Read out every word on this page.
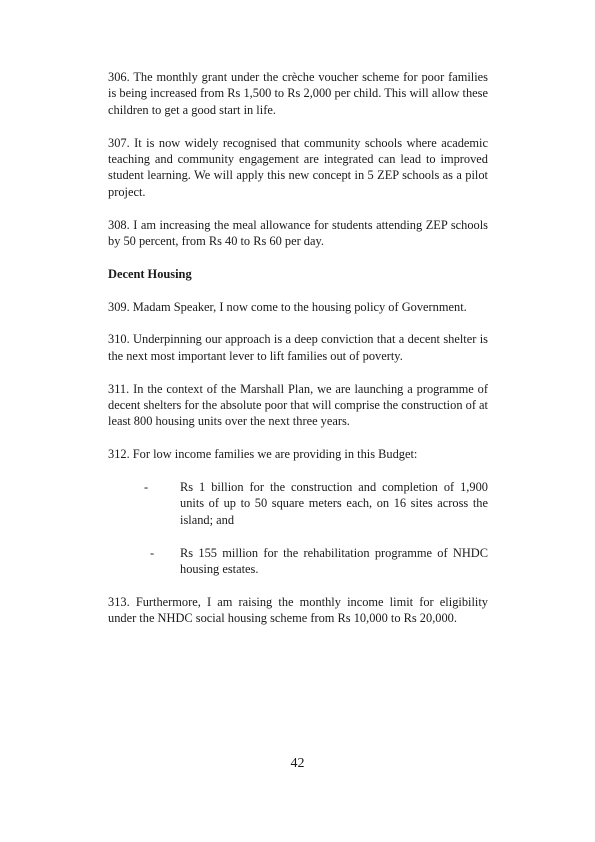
306. The monthly grant under the crèche voucher scheme for poor families is being increased from Rs 1,500 to Rs 2,000 per child. This will allow these children to get a good start in life.

307. It is now widely recognised that community schools where academic teaching and community engagement are integrated can lead to improved student learning. We will apply this new concept in 5 ZEP schools as a pilot project.

308. I am increasing the meal allowance for students attending ZEP schools by 50 percent, from Rs 40 to Rs 60 per day.

Decent Housing

309. Madam Speaker, I now come to the housing policy of Government.

310. Underpinning our approach is a deep conviction that a decent shelter is the next most important lever to lift families out of poverty.

311. In the context of the Marshall Plan, we are launching a programme of decent shelters for the absolute poor that will comprise the construction of at least 800 housing units over the next three years.

312. For low income families we are providing in this Budget:

-	Rs 1 billion for the construction and completion of 1,900 units of up to 50 square meters each, on 16 sites across the island; and
- Rs 155 million for the rehabilitation programme of NHDC housing estates.

313. Furthermore, I am raising the monthly income limit for eligibility under the NHDC social housing scheme from Rs 10,000 to Rs 20,000.

42
